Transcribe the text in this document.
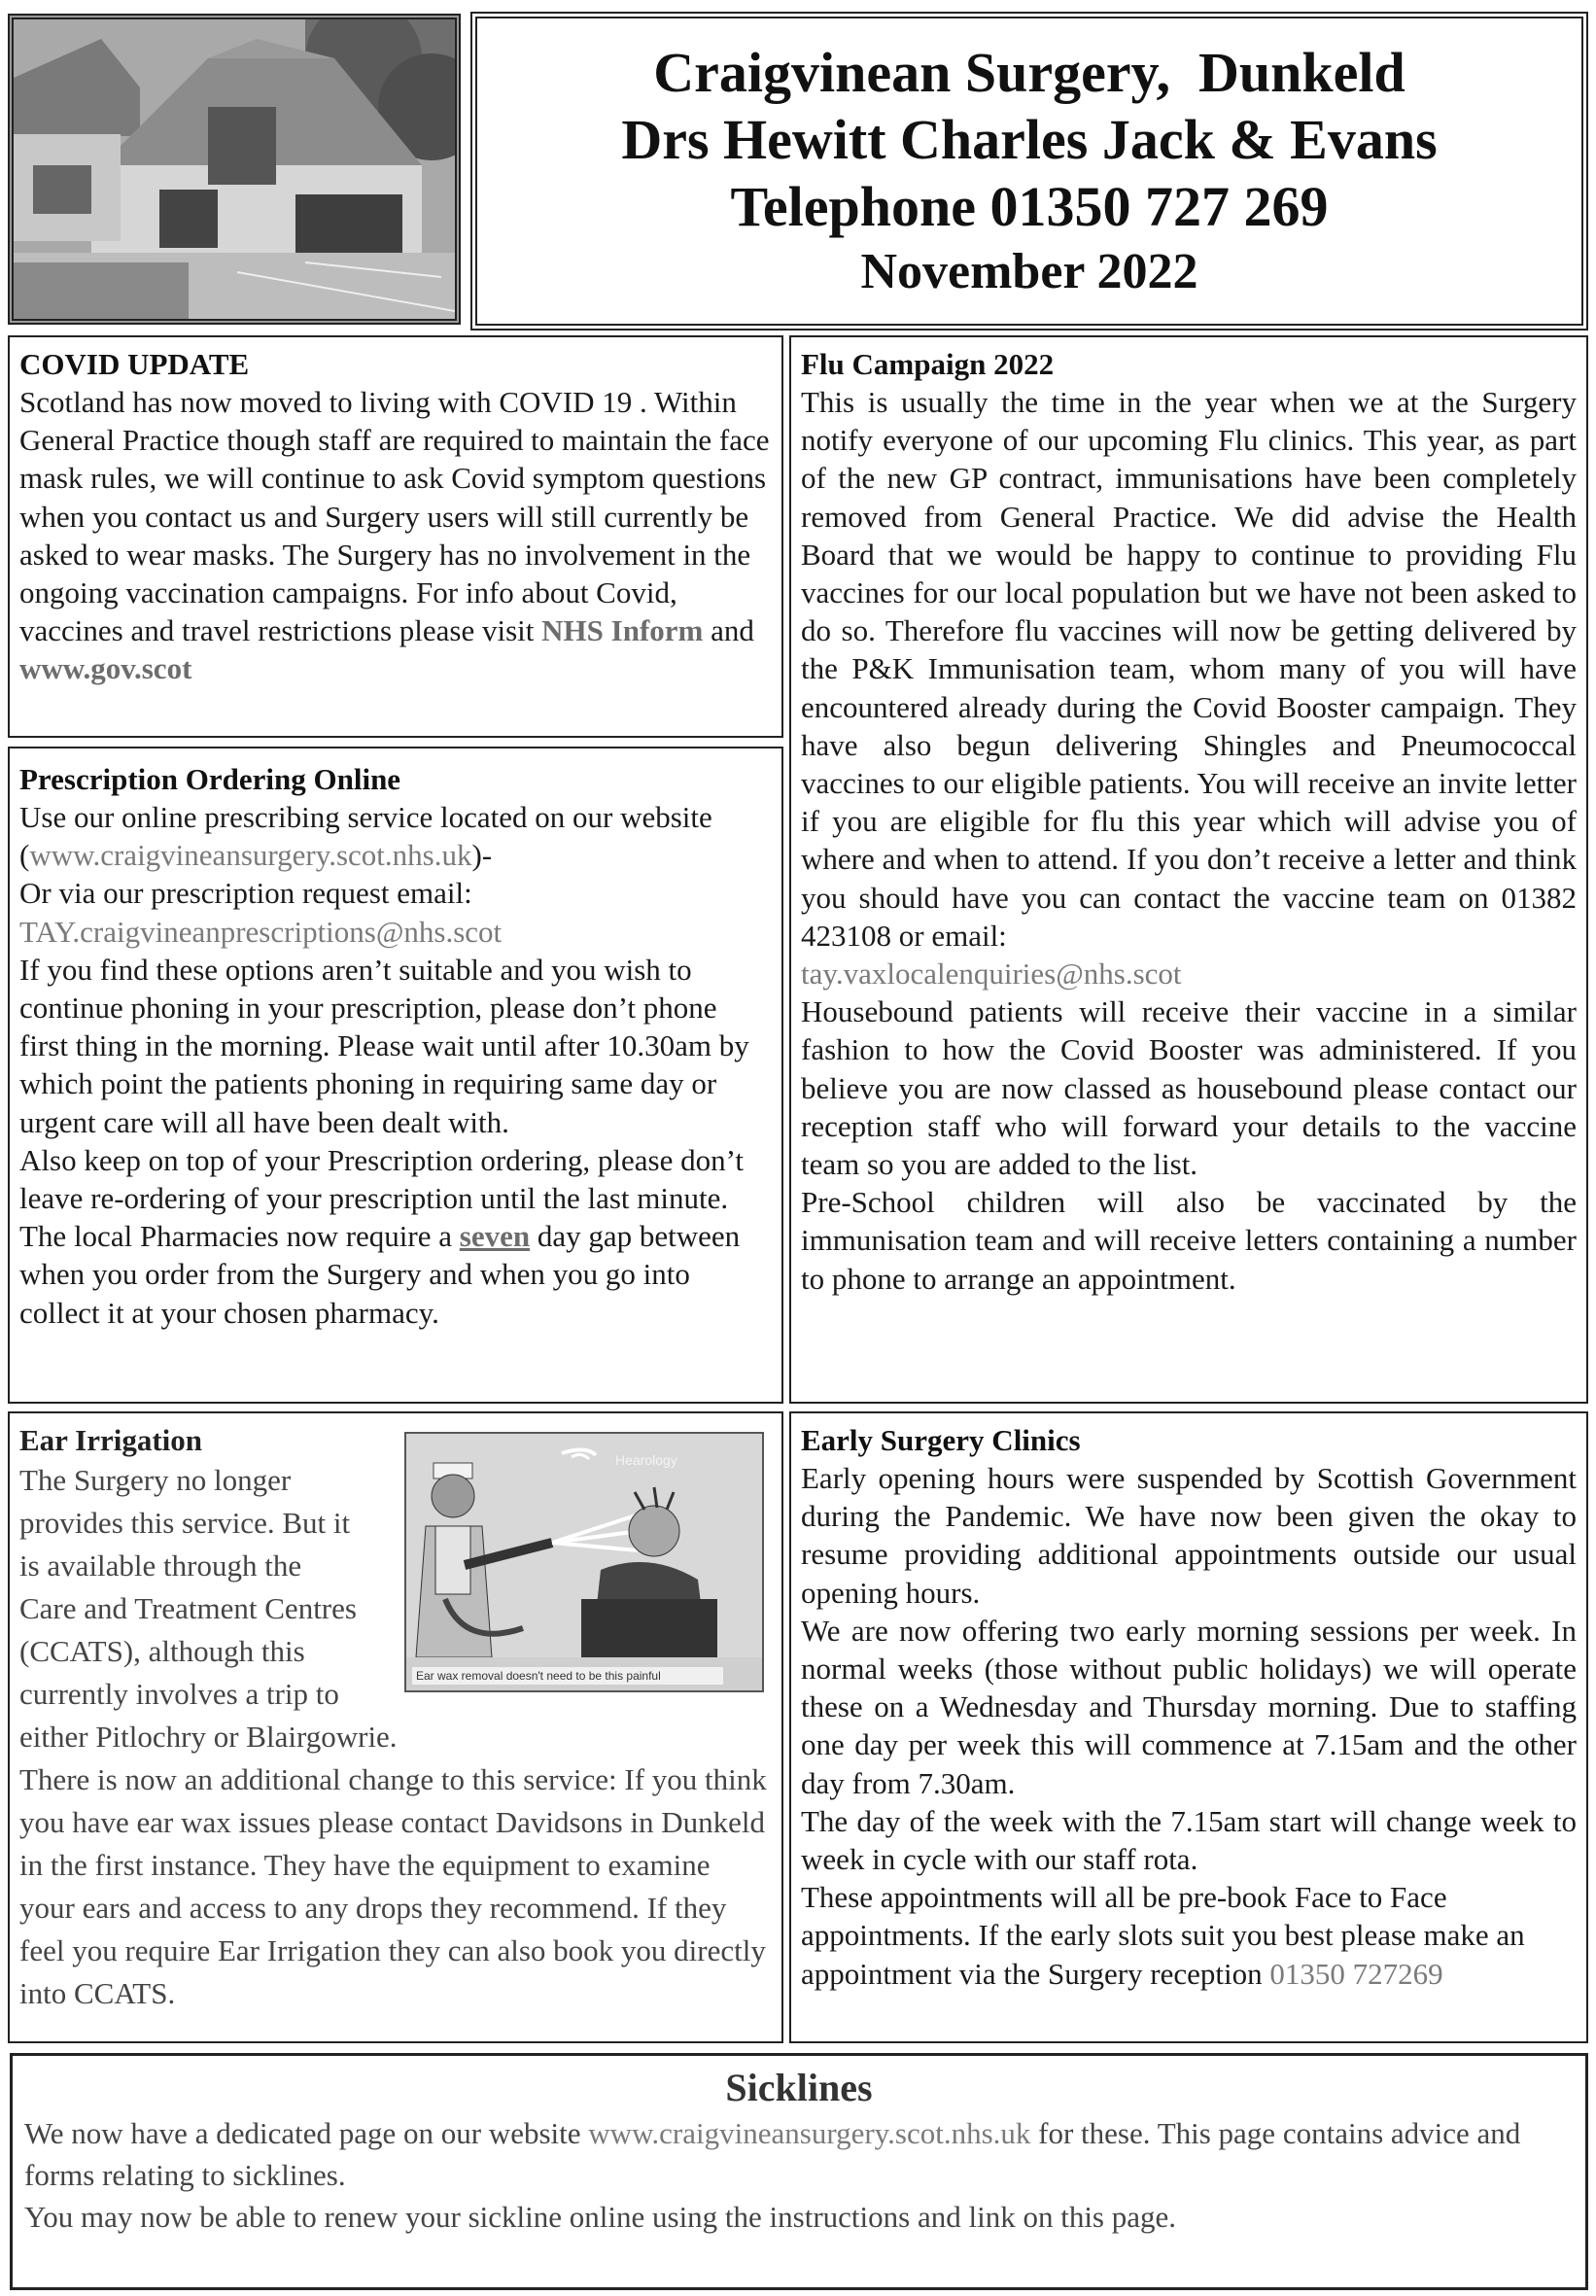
Craigvinean Surgery,  Dunkeld
Drs Hewitt Charles Jack & Evans
Telephone 01350 727 269
November 2022
COVID UPDATE

Scotland has now moved to living with COVID 19 . Within General Practice though staff are required to maintain the face mask rules, we will continue to ask Covid symptom questions when you contact us and Surgery users will still currently be asked to wear masks. The Surgery has no involvement in the ongoing vaccination campaigns. For info about Covid, vaccines and travel restrictions please visit NHS Inform and www.gov.scot

Prescription Ordering Online

Use our online prescribing service located on our website (www.craigvineansurgery.scot.nhs.uk)-

Or via our prescription request email:

TAY.craigvineanprescriptions@nhs.scot

If you find these options aren’t suitable and you wish to continue phoning in your prescription, please don’t phone first thing in the morning. Please wait until after 10.30am by which point the patients phoning in requiring same day or urgent care will all have been dealt with.

Also keep on top of your Prescription ordering, please don’t leave re-ordering of your prescription until the last minute. The local Pharmacies now require a seven day gap between when you order from the Surgery and when you go into collect it at your chosen pharmacy.

Flu Campaign 2022

This is usually the time in the year when we at the Surgery notify everyone of our upcoming Flu clinics. This year, as part of the new GP contract, immunisations have been completely removed from General Practice. We did advise the Health Board that we would be happy to continue to providing Flu vaccines for our local population but we have not been asked to do so. Therefore flu vaccines will now be getting delivered by the P&K Immunisation team, whom many of you will have encountered already during the Covid Booster campaign. They have also begun delivering Shingles and Pneumococcal vaccines to our eligible patients. You will receive an invite letter if you are eligible for flu this year which will advise you of where and when to attend. If you don’t receive a letter and think you should have you can contact the vaccine team on 01382 423108 or email:

tay.vaxlocalenquiries@nhs.scot

Housebound patients will receive their vaccine in a similar fashion to how the Covid Booster was administered. If you believe you are now classed as housebound please contact our reception staff who will forward your details to the vaccine team so you are added to the list.

Pre-School children will also be vaccinated by the immunisation team and will receive letters containing a number to phone to arrange an appointment.

Ear Irrigation

The Surgery no longer

provides this service. But it

is available through the

Care and Treatment Centres

(CCATS), although this

currently involves a trip to

either Pitlochry or Blairgowrie.

There is now an additional change to this service: If you think you have ear wax issues please contact Davidsons in Dunkeld in the first instance. They have the equipment to examine your ears and access to any drops they recommend. If they feel you require Ear Irrigation they can also book you directly into CCATS.

Hearology
Ear wax removal doesn't need to be this painful
Early Surgery Clinics

Early opening hours were suspended by Scottish Government during the Pandemic. We have now been given the okay to resume providing additional appointments outside our usual opening hours.

We are now offering two early morning sessions per week. In normal weeks (those without public holidays) we will operate these on a Wednesday and Thursday morning. Due to staffing one day per week this will commence at 7.15am and the other day from 7.30am.

The day of the week with the 7.15am start will change week to week in cycle with our staff rota.

These appointments will all be pre-book Face to Face appointments. If the early slots suit you best please make an appointment via the Surgery reception 01350 727269

Sicklines

We now have a dedicated page on our website www.craigvineansurgery.scot.nhs.uk for these. This page contains advice and forms relating to sicklines.

You may now be able to renew your sickline online using the instructions and link on this page.
